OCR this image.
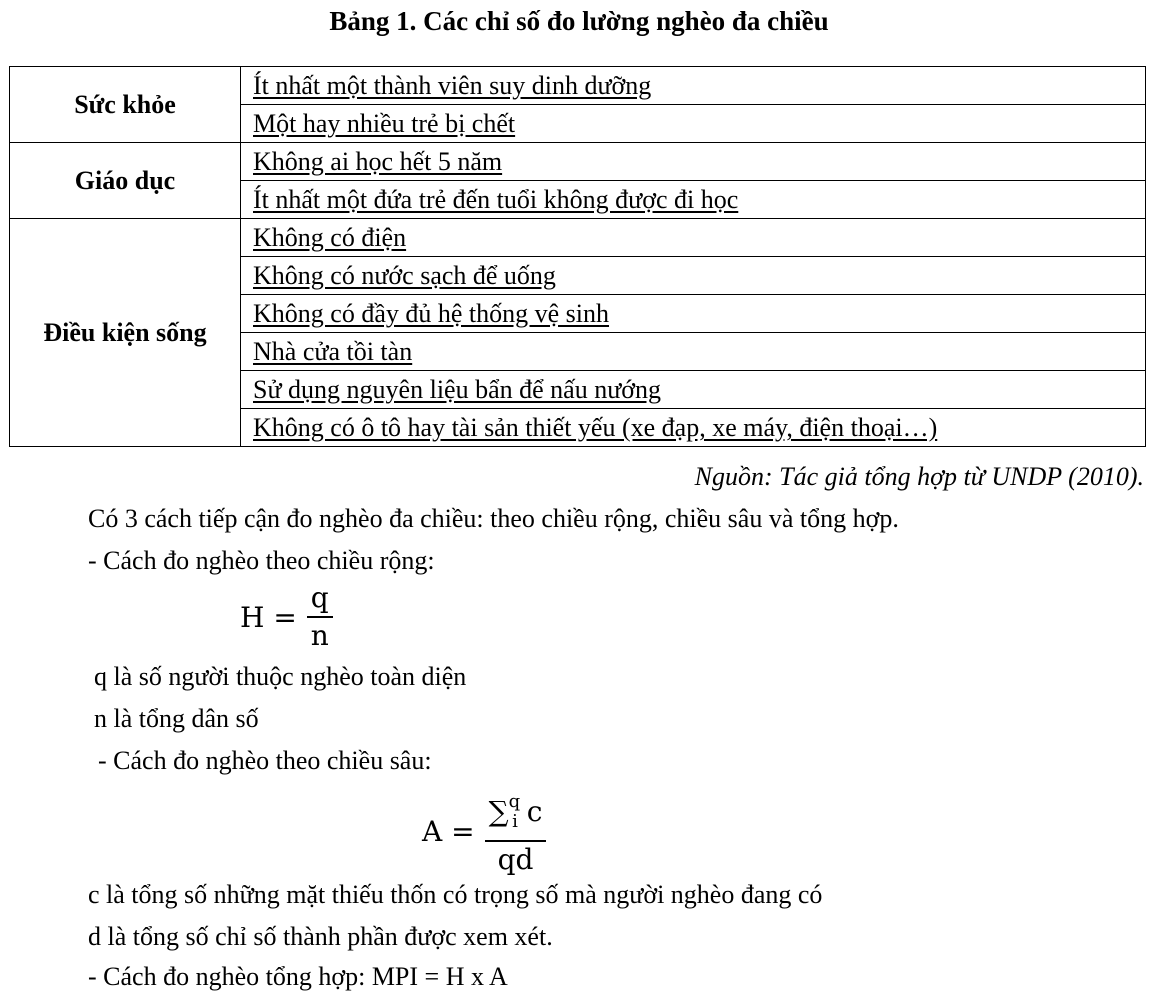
Bảng 1. Các chỉ số đo lường nghèo đa chiều
Sức khỏe	Ít nhất một thành viên suy dinh dưỡng
	Một hay nhiều trẻ bị chết
Giáo dục	Không ai học hết 5 năm
	Ít nhất một đứa trẻ đến tuổi không được đi học
Điều kiện sống	Không có điện
	Không có nước sạch để uống
	Không có đầy đủ hệ thống vệ sinh
	Nhà cửa tồi tàn
	Sử dụng nguyên liệu bẩn để nấu nướng
	Không có ô tô hay tài sản thiết yếu (xe đạp, xe máy, điện thoại…)
Nguồn: Tác giả tổng hợp từ UNDP (2010).
Có 3 cách tiếp cận đo nghèo đa chiều: theo chiều rộng, chiều sâu và tổng hợp.
- Cách đo nghèo theo chiều rộng:
$H = \frac{q}{n}$
q là số người thuộc nghèo toàn diện
n là tổng dân số
- Cách đo nghèo theo chiều sâu:
$A = \frac{\sum^q_i c}{qd}$
c là tổng số những mặt thiếu thốn có trọng số mà người nghèo đang có
d là tổng số chỉ số thành phần được xem xét.
- Cách đo nghèo tổng hợp: MPI = H x A
